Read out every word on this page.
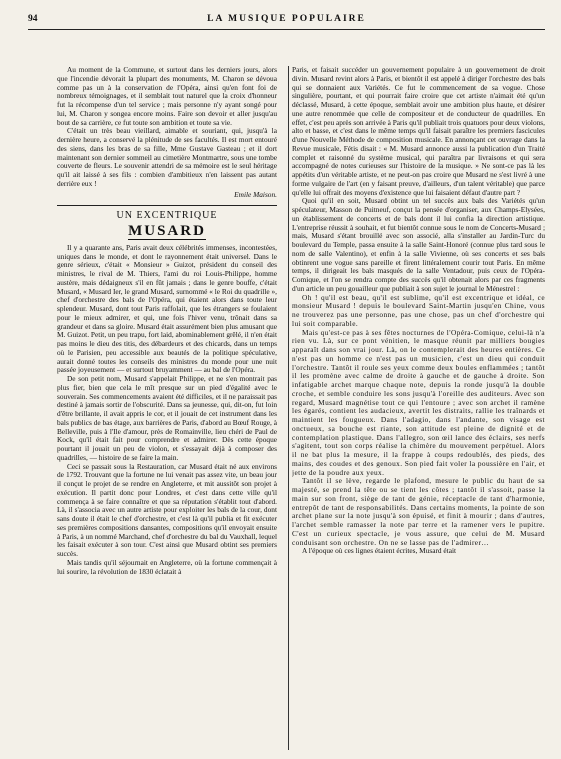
94	LA MUSIQUE POPULAIRE

Au moment de la Commune, et surtout dans les derniers jours, alors que l'incendie dévorait la plupart des monuments, M. Charon se dévoua comme pas un à la conservation de l'Opéra, ainsi qu'en font foi de nombreux témoignages, et il semblait tout naturel que la croix d'honneur fut la récompense d'un tel service ; mais personne n'y ayant songé pour lui, M. Charon y songea encore moins. Faire son devoir et aller jusqu'au bout de sa carrière, ce fut toute son ambition et toute sa vie.

C'était un très beau vieillard, aimable et souriant, qui, jusqu'à la dernière heure, a conservé la plénitude de ses facultés. Il est mort entouré des siens, dans les bras de sa fille, Mme Gustave Gasteau ; et il dort maintenant son dernier sommeil au cimetière Montmartre, sous une tombe couverte de fleurs. Le souvenir attendri de sa mémoire est le seul héritage qu'il ait laissé à ses fils : combien d'ambitieux n'en laissent pas autant derrière eux !

Emile Maison.
UN EXCENTRIQUE
MUSARD

Il y a quarante ans, Paris avait deux célébrités immenses, incontestées, uniques dans le monde, et dont le rayonnement était universel. Dans le genre sérieux, c'était « Monsieur » Guizot, président du conseil des ministres, le rival de M. Thiers, l'ami du roi Louis-Philippe, homme austère, mais dédaigneux s'il en fût jamais ; dans le genre bouffe, c'était Musard, « Musard Ier, le grand Musard, surnommé « le Roi du quadrille », chef d'orchestre des bals de l'Opéra, qui étaient alors dans toute leur splendeur. Musard, dont tout Paris raffolait, que les étrangers se foulaient pour le mieux admirer, et qui, une fois l'hiver venu, trônait dans sa grandeur et dans sa gloire. Musard était assurément bien plus amusant que M. Guizot. Petit, un peu trapu, fort laid, abominablement grêlé, il n'en était pas moins le dieu des titis, des débardeurs et des chicards, dans un temps où le Parisien, peu accessible aux beautés de la politique spéculative, aurait donné toutes les conseils des ministres du monde pour une nuit passée joyeusement — et surtout bruyamment — au bal de l'Opéra.

De son petit nom, Musard s'appelait Philippe, et ne s'en montrait pas plus fier, bien que cela le mît presque sur un pied d'égalité avec le souverain. Ses commencements avaient été difficiles, et il ne paraissait pas destiné à jamais sortir de l'obscurité. Dans sa jeunesse, qui, dit-on, fut loin d'être brillante, il avait appris le cor, et il jouait de cet instrument dans les bals publics de bas étage, aux barrières de Paris, d'abord au Bœuf Rouge, à Belleville, puis à l'Ile d'amour, près de Romainville, lieu chéri de Paul de Kock, qu'il était fait pour comprendre et admirer. Dès cette époque pourtant il jouait un peu de violon, et s'essayait déjà à composer des quadrilles, — histoire de se faire la main.

Ceci se passait sous la Restauration, car Musard était né aux environs de 1792. Trouvant que la fortune ne lui venait pas assez vite, un beau jour il conçut le projet de se rendre en Angleterre, et mit aussitôt son projet à exécution. Il partit donc pour Londres, et c'est dans cette ville qu'il commença à se faire connaître et que sa réputation s'établit tout d'abord. Là, il s'associa avec un autre artiste pour exploiter les bals de la cour, dont sans doute il était le chef d'orchestre, et c'est là qu'il publia et fit exécuter ses premières compositions dansantes, compositions qu'il envoyait ensuite à Paris, à un nommé Marchand, chef d'orchestre du bal du Vauxhall, lequel les faisait exécuter à son tour. C'est ainsi que Musard obtint ses premiers succès.

Mais tandis qu'il séjournait en Angleterre, où la fortune commençait à lui sourire, la révolution de 1830 éclatait à

Paris, et faisait succéder un gouvernement populaire à un gouvernement de droit divin. Musard revint alors à Paris, et bientôt il est appelé à diriger l'orchestre des bals qui se donnaient aux Variétés. Ce fut le commencement de sa vogue. Chose singulière, pourtant, et qui pourrait faire croire que cet artiste n'aimait été qu'un déclassé, Musard, à cette époque, semblait avoir une ambition plus haute, et désirer une autre renommée que celle de compositeur et de conducteur de quadrilles. En effet, c'est peu après son arrivée à Paris qu'il publiait trois quatuors pour deux violons, alto et basse, et c'est dans le même temps qu'il faisait paraître les premiers fascicules d'une Nouvelle Méthode de composition musicale. En annonçant cet ouvrage dans la Revue musicale, Fétis disait : « M. Musard annonce aussi la publication d'un Traité complet et raisonné du système musical, qui paraîtra par livraisons et qui sera accompagné de notes curieuses sur l'histoire de la musique. » Ne sont-ce pas là les appétits d'un véritable artiste, et ne peut-on pas croire que Musard ne s'est livré à une forme vulgaire de l'art (en y faisant preuve, d'ailleurs, d'un talent véritable) que parce qu'elle lui offrait des moyens d'existence que lui faisaient défaut d'autre part ?

Quoi qu'il en soit, Musard obtint un tel succès aux bals des Variétés qu'un spéculateur, Masson de Puitneuf, conçut la pensée d'organiser, aux Champs-Elysées, un établissement de concerts et de bals dont il lui confia la direction artistique. L'entreprise réussit à souhait, et fut bientôt connue sous le nom de Concerts-Musard ; mais, Musard s'étant brouillé avec son associé, alla s'installer au Jardin-Turc du boulevard du Temple, passa ensuite à la salle Saint-Honoré (connue plus tard sous le nom de salle Valentino), et enfin à la salle Vivienne, où ses concerts et ses bals obtinrent une vogue sans pareille et firent littéralement courir tout Paris. En même temps, il dirigeait les bals masqués de la salle Ventadour, puis ceux de l'Opéra-Comique, et l'on se rendra compte des succès qu'il obtenait alors par ces fragments d'un article un peu gouailleur que publiait à son sujet le journal le Ménestrel :

Oh ! qu'il est beau, qu'il est sublime, qu'il est excentrique et idéal, ce monsieur Musard ! depuis le boulevard Saint-Martin jusqu'en Chine, vous ne trouverez pas une personne, pas une chose, pas un chef d'orchestre qui lui soit comparable.

Mais qu'est-ce pas à ses fêtes nocturnes de l'Opéra-Comique, celui-là n'a rien vu. Là, sur ce pont vénitien, le masque réunit par milliers bougies apparaît dans son vrai jour. Là, on le contemplerait des heures entières. Ce n'est pas un homme ce n'est pas un musicien, c'est un dieu qui conduit l'orchestre. Tantôt il roule ses yeux comme deux boules enflammées ; tantôt il les promène avec calme de droite à gauche et de gauche à droite. Son infatigable archet marque chaque note, depuis la ronde jusqu'à la double croche, et semble conduire les sons jusqu'à l'oreille des auditeurs. Avec son regard, Musard magnétise tout ce qui l'entoure ; avec son archet il ramène les égarés, contient les audacieux, avertit les distraits, rallie les traînards et maintient les fougueux. Dans l'adagio, dans l'andante, son visage est onctueux, sa bouche est riante, son attitude est pleine de dignité et de contemplation plastique. Dans l'allegro, son œil lance des éclairs, ses nerfs s'agitent, tout son corps réalise la chimère du mouvement perpétuel. Alors il ne bat plus la mesure, il la frappe à coups redoublés, des pieds, des mains, des coudes et des genoux. Son pied fait voler la poussière en l'air, et jette de la poudre aux yeux.

Tantôt il se lève, regarde le plafond, mesure le public du haut de sa majesté, se prend la tête ou se tient les côtes ; tantôt il s'assoit, passe la main sur son front, siège de tant de génie, réceptacle de tant d'harmonie, entrepôt de tant de responsabilités. Dans certains moments, la pointe de son archet plane sur la note jusqu'à son épuisé, et finit à mourir ; dans d'autres, l'archet semble ramasser la note par terre et la ramener vers le pupitre. C'est un curieux spectacle, je vous assure, que celui de M. Musard conduisant son orchestre. On ne se lasse pas de l'admirer…

A l'époque où ces lignes étaient écrites, Musard était
